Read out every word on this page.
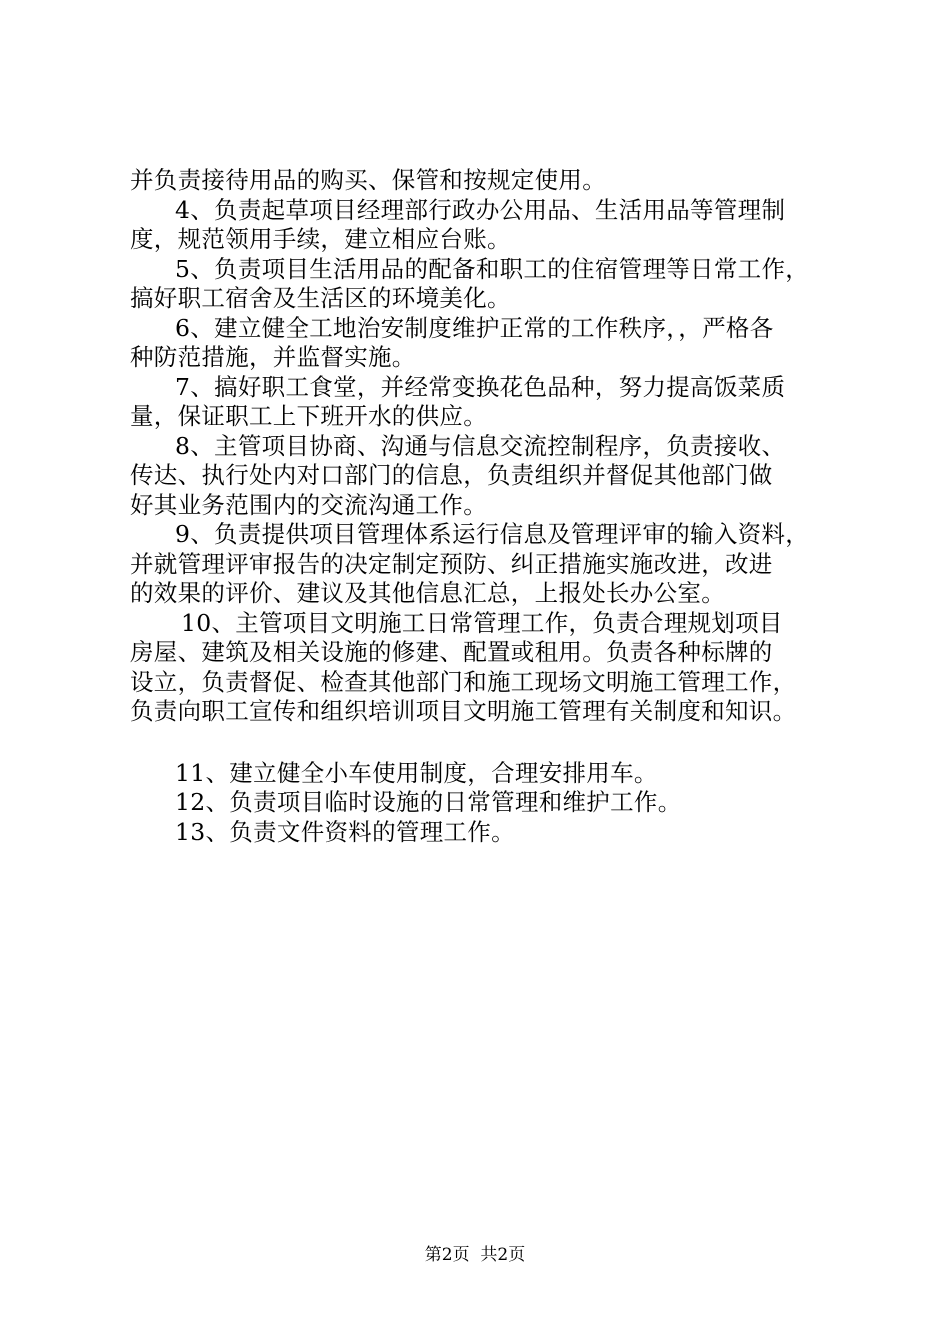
并负责接待用品的购买、保管和按规定使用。
4、负责起草项目经理部行政办公用品、生活用品等管理制
度，规范领用手续，建立相应台账。
5、负责项目生活用品的配备和职工的住宿管理等日常工作，
搞好职工宿舍及生活区的环境美化。
6、建立健全工地治安制度维护正常的工作秩序，，严格各
种防范措施，并监督实施。
7、搞好职工食堂，并经常变换花色品种，努力提高饭菜质
量，保证职工上下班开水的供应。
8、主管项目协商、沟通与信息交流控制程序，负责接收、
传达、执行处内对口部门的信息，负责组织并督促其他部门做
好其业务范围内的交流沟通工作。
9、负责提供项目管理体系运行信息及管理评审的输入资料，
并就管理评审报告的决定制定预防、纠正措施实施改进，改进
的效果的评价、建议及其他信息汇总，上报处长办公室。
10、主管项目文明施工日常管理工作，负责合理规划项目
房屋、建筑及相关设施的修建、配置或租用。负责各种标牌的
设立，负责督促、检查其他部门和施工现场文明施工管理工作，
负责向职工宣传和组织培训项目文明施工管理有关制度和知识。
11、建立健全小车使用制度，合理安排用车。
12、负责项目临时设施的日常管理和维护工作。
13、负责文件资料的管理工作。
第2页  共2页
